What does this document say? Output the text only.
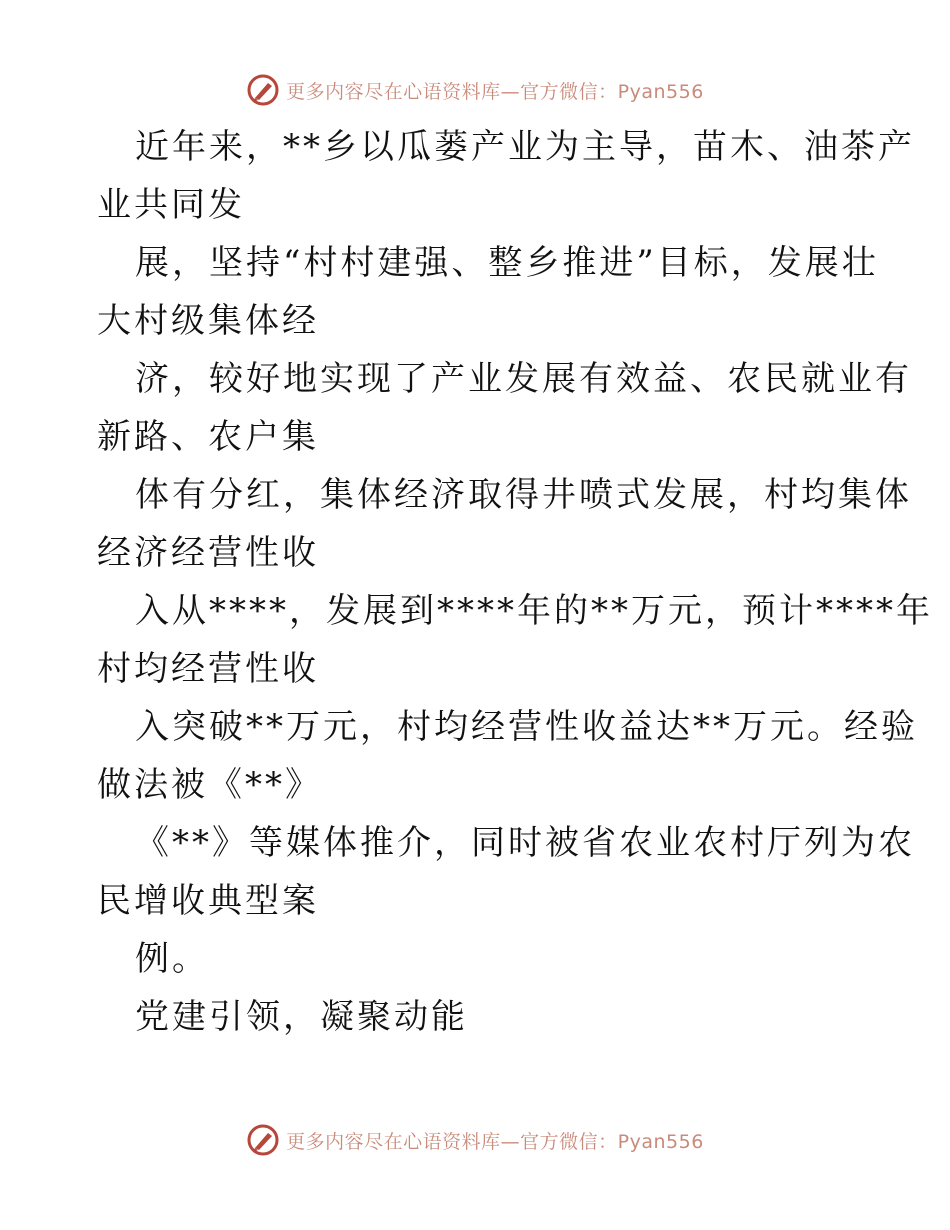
更多内容尽在心语资料库—官方微信：Pyan556
近年来，**乡以瓜蒌产业为主导，苗木、油茶产
业共同发
展，坚持“村村建强、整乡推进”目标，发展壮
大村级集体经
济，较好地实现了产业发展有效益、农民就业有
新路、农户集
体有分红，集体经济取得井喷式发展，村均集体
经济经营性收
入从****，发展到****年的**万元，预计****年
村均经营性收
入突破**万元，村均经营性收益达**万元。经验
做法被《**》
《**》等媒体推介，同时被省农业农村厅列为农
民增收典型案
例。
党建引领，凝聚动能
更多内容尽在心语资料库—官方微信：Pyan556
